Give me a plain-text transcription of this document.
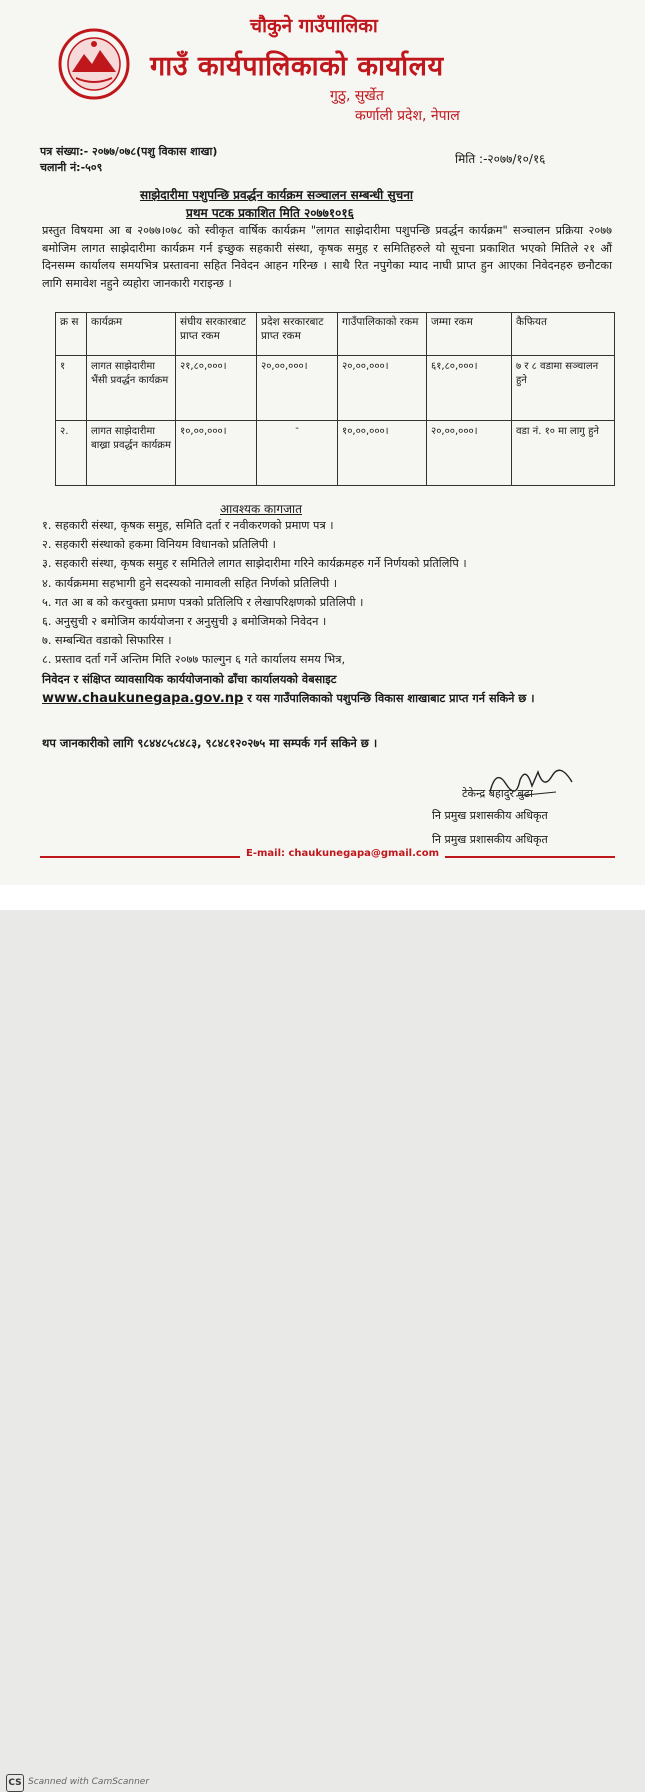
चौकुने गाउँपालिका
गाउँ कार्यपालिकाको कार्यालय
गुठु, सुर्खेत
कर्णाली प्रदेश, नेपाल
पत्र संख्या:- २०७७/०७८(पशु विकास शाखा)
चलानी नं:-५०९
मिति :-२०७७/१०/१६
साझेदारीमा पशुपन्छि प्रवर्द्धन कार्यक्रम सञ्चालन सम्बन्धी सुचना
प्रथम पटक प्रकाशित मिति २०७७१०१६
प्रस्तुत विषयमा आ ब २०७७।०७८ को स्वीकृत वार्षिक कार्यक्रम "लागत साझेदारीमा पशुपन्छि प्रवर्द्धन कार्यक्रम" सञ्चालन प्रक्रिया २०७७ बमोजिम लागत साझेदारीमा कार्यक्रम गर्न इच्छुक सहकारी संस्था, कृषक समुह र समितिहरुले यो सूचना प्रकाशित भएको मितिले २१ औं दिनसम्म कार्यालय समयभित्र प्रस्तावना सहित निवेदन आहन गरिन्छ । साथै रित नपुगेका म्याद नाघी प्राप्त हुन आएका निवेदनहरु छनौटका लागि समावेश नहुने व्यहोरा जानकारी गराइन्छ ।
क्र स	कार्यक्रम	संघीय सरकारबाट प्राप्त रकम	प्रदेश सरकारबाट प्राप्त रकम	गाउँपालिकाको रकम	जम्मा रकम	कैफियत
१	लागत साझेदारीमा भैंसी प्रवर्द्धन कार्यक्रम	२१,८०,०००।	२०,००,०००।	२०,००,०००।	६१,८०,०००।	७ र ८ वडामा सञ्चालन हुने
२.	लागत साझेदारीमा बाख्रा प्रवर्द्धन कार्यक्रम	१०,००,०००।	-	१०,००,०००।	२०,००,०००।	वडा नं. १० मा लागु हुने
आवश्यक कागजात
१. सहकारी संस्था, कृषक समुह, समिति दर्ता र नवीकरणको प्रमाण पत्र ।
२. सहकारी संस्थाको हकमा विनियम विधानको प्रतिलिपी ।
३. सहकारी संस्था, कृषक समुह र समितिले लागत साझेदारीमा गरिने कार्यक्रमहरु गर्ने निर्णयको प्रतिलिपि ।
४. कार्यक्रममा सहभागी हुने सदस्यको नामावली सहित निर्णको प्रतिलिपी ।
५. गत आ ब को करचुक्ता प्रमाण पत्रको प्रतिलिपि र लेखापरिक्षणको प्रतिलिपी ।
६. अनुसुची २ बमोजिम कार्ययोजना र अनुसुची ३ बमोजिमको निवेदन ।
७. सम्बन्धित वडाको सिफारिस ।
८. प्रस्ताव दर्ता गर्ने अन्तिम मिति २०७७ फाल्गुन ६ गते कार्यालय समय भित्र,
निवेदन र संक्षिप्त व्यावसायिक कार्ययोजनाको ढाँचा कार्यालयको वेबसाइट
www.chaukunegapa.gov.np र यस गाउँपालिकाको पशुपन्छि विकास शाखाबाट प्राप्त गर्न सकिने छ ।
थप जानकारीको लागि ९८४४८५८४८३, ९८४८१२०२७५ मा सम्पर्क गर्न सकिने छ ।
टेकेन्द्र बहादुर बुढा
नि प्रमुख प्रशासकीय अधिकृत
नि प्रमुख प्रशासकीय अधिकृत
E-mail: chaukunegapa@gmail.com
CS Scanned with CamScanner
